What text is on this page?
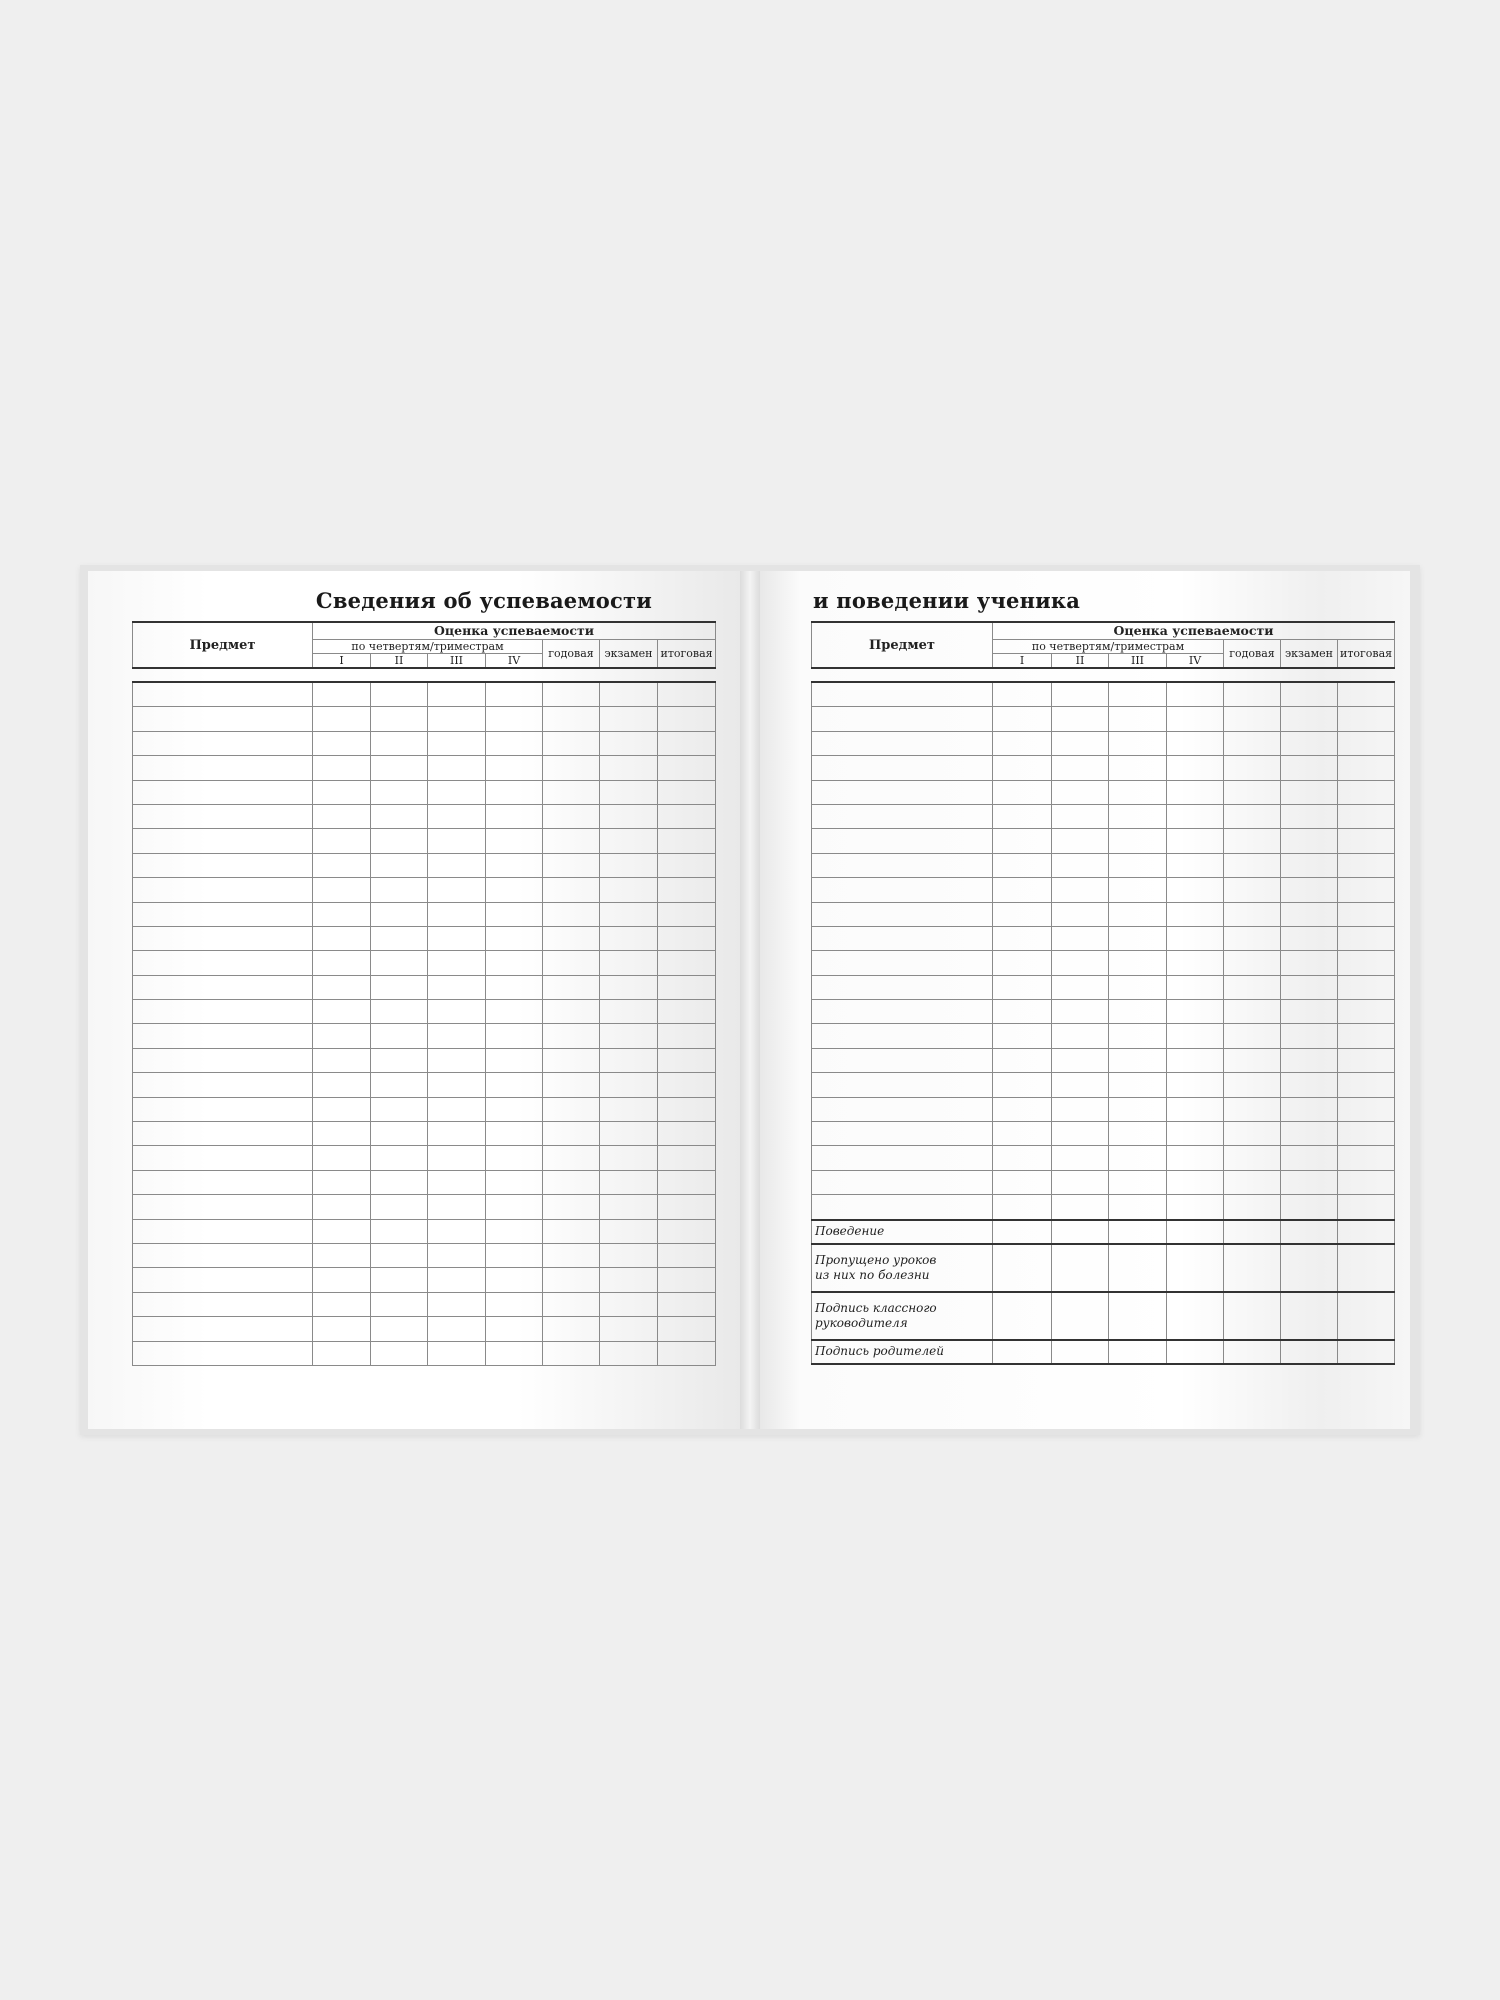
Сведения об успеваемости
Предмет	Оценка успеваемости						
	по четвертям/триместрам				годовая	экзамен	итоговая
	I	II	III	IV			

и поведении ученика
Предмет	Оценка успеваемости						
	по четвертям/триместрам				годовая	экзамен	итоговая
	I	II	III	IV			

Поведение							
Пропущено уроков
из них по болезни							
Подпись классного
руководителя							
Подпись родителей							
